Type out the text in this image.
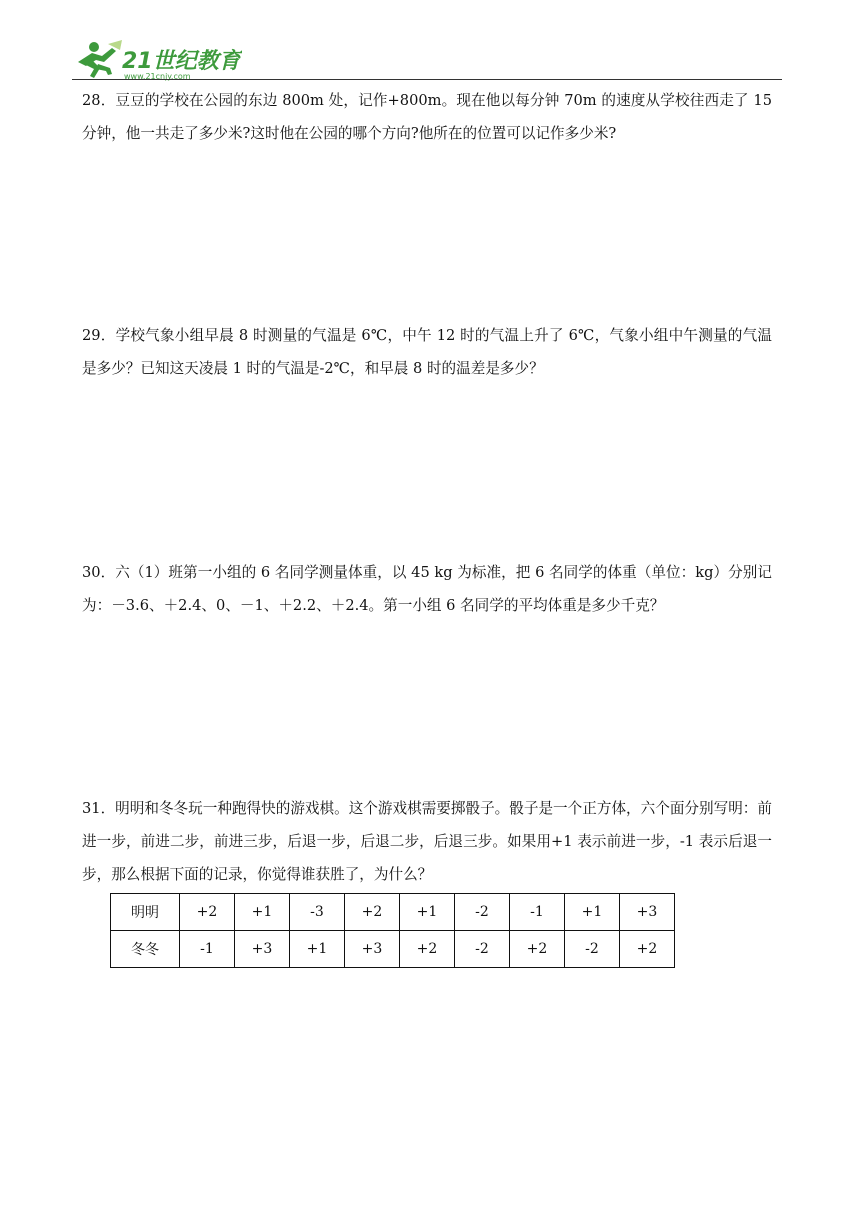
21世纪教育
www.21cnjy.com

28．豆豆的学校在公园的东边 800m 处，记作+800m。现在他以每分钟 70m 的速度从学校往西走了 15 分钟，他一共走了多少米?这时他在公园的哪个方向?他所在的位置可以记作多少米?

29．学校气象小组早晨 8 时测量的气温是 6℃，中午 12 时的气温上升了 6℃，气象小组中午测量的气温是多少？已知这天凌晨 1 时的气温是-2℃，和早晨 8 时的温差是多少？

30．六（1）班第一小组的 6 名同学测量体重，以 45 kg 为标准，把 6 名同学的体重（单位：kg）分别记为：－3.6、＋2.4、0、－1、＋2.2、＋2.4。第一小组 6 名同学的平均体重是多少千克？

31．明明和冬冬玩一种跑得快的游戏棋。这个游戏棋需要掷骰子。骰子是一个正方体，六个面分别写明：前进一步，前进二步，前进三步，后退一步，后退二步，后退三步。如果用+1 表示前进一步，-1 表示后退一步，那么根据下面的记录，你觉得谁获胜了，为什么？

明明	+2	+1	-3	+2	+1	-2	-1	+1	+3
冬冬	-1	+3	+1	+3	+2	-2	+2	-2	+2
